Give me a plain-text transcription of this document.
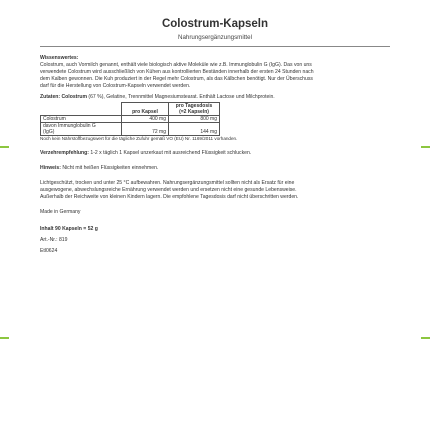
Colostrum-Kapseln
Nahrungsergänzungsmittel

Wissenswertes:

Colostrum, auch Vormilch genannt, enthält viele biologisch aktive Moleküle wie z.B. Immunglobulin G (IgG). Das von uns

verwendete Colostrum wird ausschließlich von Kühen aus kontrollierten Beständen innerhalb der ersten 24 Stunden nach

dem Kalben gewonnen. Die Kuh produziert in der Regel mehr Colostrum, als das Kälbchen benötigt. Nur der Überschuss

darf für die Herstellung von Colostrum-Kapseln verwendet werden.

Zutaten: Colostrum (67 %), Gelatine, Trennmittel Magnesiumstearat. Enthält Lactose und Milchprotein.

	pro Kapsel	pro Tagesdosis
(=2 Kapseln)
Colostrum	400 mg	800 mg
davon Immunglobulin G
(IgG)	72 mg	144 mg

Noch kein Nährstoffbezugswert für die tägliche Zufuhr gemäß VO (EU) Nr. 1169/2011 vorhanden.

Verzehrempfehlung: 1-2 x täglich 1 Kapsel unzerkaut mit ausreichend Flüssigkeit schlucken.

Hinweis: Nicht mit heißen Flüssigkeiten einnehmen.

Lichtgeschützt, trocken und unter 25 °C aufbewahren. Nahrungsergänzungsmittel sollten nicht als Ersatz für eine

ausgewogene, abwechslungsreiche Ernährung verwendet werden und ersetzen nicht eine gesunde Lebensweise.

Außerhalb der Reichweite von kleinen Kindern lagern. Die empfohlene Tagesdosis darf nicht überschritten werden.

Made in Germany

Inhalt 90 Kapseln = 52 g

Art.-Nr.: 819

Etl0624
